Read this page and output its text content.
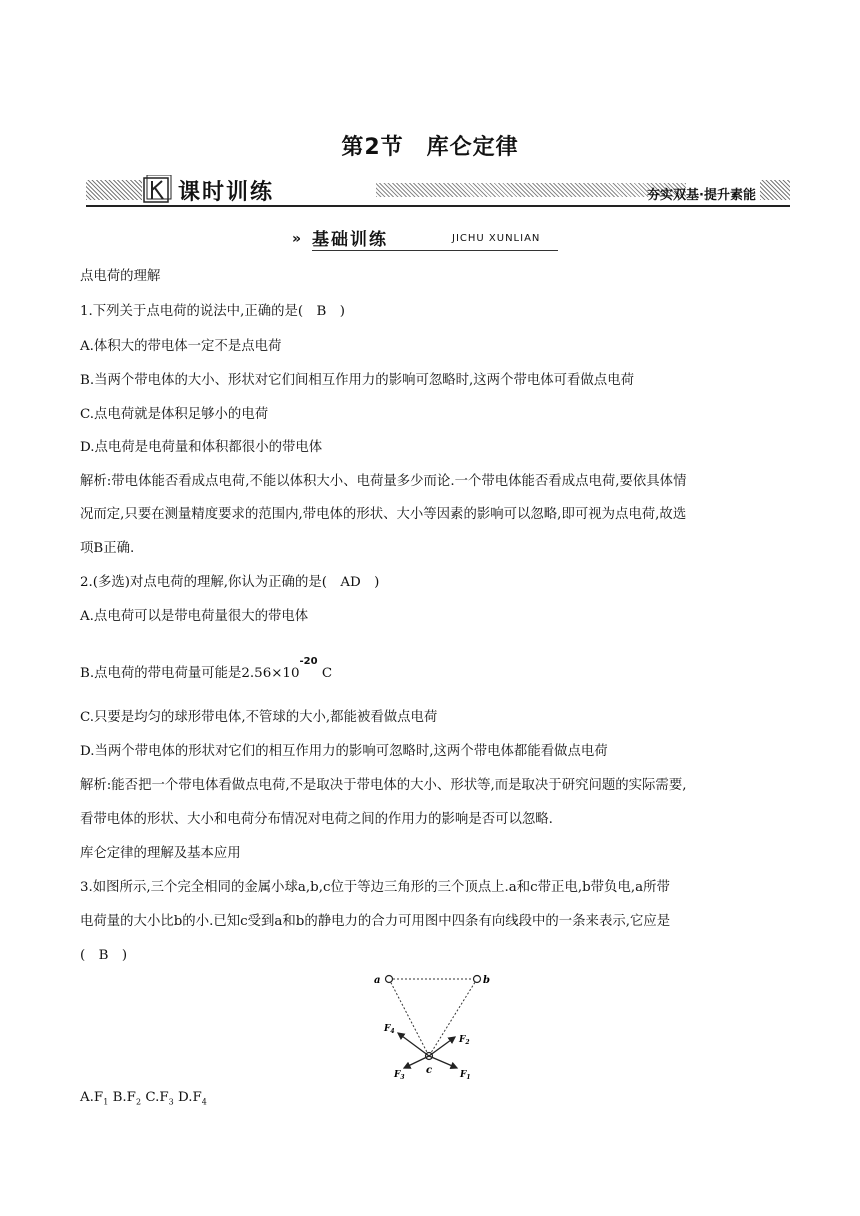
第2节　库仑定律
课时训练	夯实双基·提升素能
» 基础训练	JICHU XUNLIAN
点电荷的理解
1.下列关于点电荷的说法中,正确的是(　B　)
A.体积大的带电体一定不是点电荷
B.当两个带电体的大小、形状对它们间相互作用力的影响可忽略时,这两个带电体可看做点电荷
C.点电荷就是体积足够小的电荷
D.点电荷是电荷量和体积都很小的带电体
解析:带电体能否看成点电荷,不能以体积大小、电荷量多少而论.一个带电体能否看成点电荷,要依具体情
况而定,只要在测量精度要求的范围内,带电体的形状、大小等因素的影响可以忽略,即可视为点电荷,故选
项B正确.
2.(多选)对点电荷的理解,你认为正确的是(　AD　)
A.点电荷可以是带电荷量很大的带电体
B.点电荷的带电荷量可能是$2.56\times 10^{-20}$ C
C.只要是均匀的球形带电体,不管球的大小,都能被看做点电荷
D.当两个带电体的形状对它们的相互作用力的影响可忽略时,这两个带电体都能看做点电荷
解析:能否把一个带电体看做点电荷,不是取决于带电体的大小、形状等,而是取决于研究问题的实际需要,
看带电体的形状、大小和电荷分布情况对电荷之间的作用力的影响是否可以忽略.
库仑定律的理解及基本应用
3.如图所示,三个完全相同的金属小球a,b,c位于等边三角形的三个顶点上.a和c带正电,b带负电,a所带
电荷量的大小比b的小.已知c受到a和b的静电力的合力可用图中四条有向线段中的一条来表示,它应是
(　B　)
a	b
c
$F_4$
$F_2$
$F_3$	$F_1$
$A.F_1$ $B.F_2$ $C.F_3$ $D.F_4$
